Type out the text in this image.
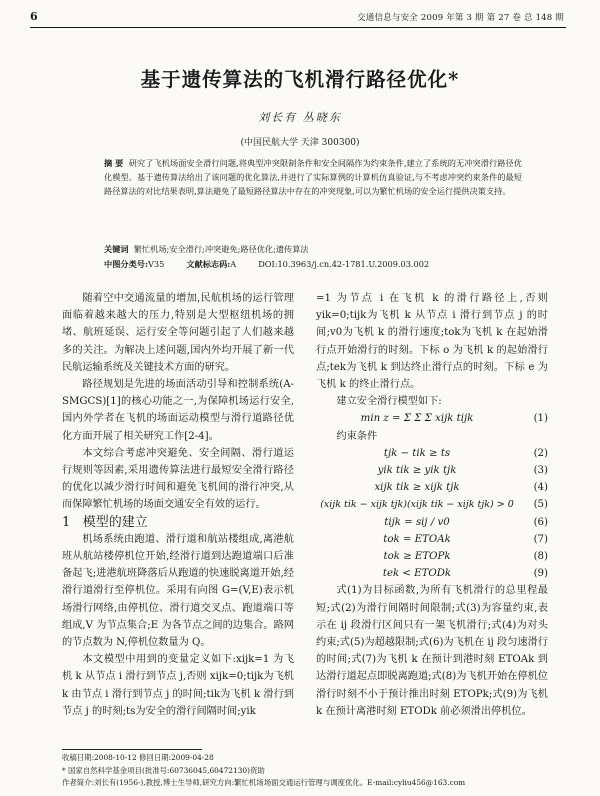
6	交通信息与安全 2009 年第 3 期 第 27 卷 总 148 期
基于遗传算法的飞机滑行路径优化*
刘长有 丛晓东
(中国民航大学 天津 300300)
摘 要 研究了飞机场面安全滑行问题,将典型冲突限制条件和安全间隔作为约束条件,建立了系统的无冲突滑行路径优化模型。基于遗传算法给出了该问题的优化算法,并进行了实际算例的计算机仿真验证,与不考虑冲突约束条件的最短路径算法的对比结果表明,算法避免了最短路径算法中存在的冲突现象,可以为繁忙机场的安全运行提供决策支持。
关键词 繁忙机场;安全滑行;冲突避免;路径优化;遗传算法
中图分类号:V35	文献标志码:A	DOI:10.3963/j.cn.42-1781.U.2009.03.002

随着空中交通流量的增加,民航机场的运行管理面临着越来越大的压力,特别是大型枢纽机场的拥堵、航班延误、运行安全等问题引起了人们越来越多的关注。为解决上述问题,国内外均开展了新一代民航运输系统及关键技术方面的研究。

路径规划是先进的场面活动引导和控制系统(A-SMGCS)[1]的核心功能之一,为保障机场运行安全,国内外学者在飞机的场面运动模型与滑行道路径优化方面开展了相关研究工作[2-4]。

本文综合考虑冲突避免、安全间隔、滑行道运行规则等因素,采用遗传算法进行最短安全滑行路径的优化以减少滑行时间和避免飞机间的滑行冲突,从而保障繁忙机场的场面交通安全有效的运行。

1 模型的建立

机场系统由跑道、滑行道和航站楼组成,离港航班从航站楼停机位开始,经滑行道到达跑道端口后准备起飞;进港航班降落后从跑道的快速脱离道开始,经滑行道滑行至停机位。采用有向图 G=(V,E)表示机场滑行网络,由停机位、滑行道交叉点、跑道端口等组成,V 为节点集合;E 为各节点之间的边集合。路网的节点数为 N,停机位数量为 Q。

本文模型中用到的变量定义如下:xijk=1 为飞机 k 从节点 i 滑行到节点 j,否则 xijk=0;tijk为飞机 k 由节点 i 滑行到节点 j 的时间;tik为飞机 k 滑行到节点 j 的时刻;ts为安全的滑行间隔时间;yik

=1 为节点 i 在飞机 k 的滑行路径上,否则 yik=0;tijk为飞机 k 从节点 i 滑行到节点 j 的时间;v0为飞机 k 的滑行速度;tok为飞机 k 在起始滑行点开始滑行的时刻。下标 o 为飞机 k 的起始滑行点;tek为飞机 k 到达终止滑行点的时刻。下标 e 为飞机 k 的终止滑行点。

建立安全滑行模型如下:

min z = Σ Σ Σ xijk tijk	(1)

约束条件

tjk − tik ≥ ts	(2)
yik tik ≥ yik tjk	(3)
xijk tik ≥ xijk tjk	(4)
(xijk tik − xijk tjk)(xijk tik − xijk tjk) > 0	(5)
tijk = sij / v0	(6)
tok = ETOAk	(7)
tok ≥ ETOPk	(8)
tek < ETODk	(9)

式(1)为目标函数,为所有飞机滑行的总里程最短;式(2)为滑行间隔时间限制;式(3)为容量约束,表示在 ij 段滑行区间只有一架飞机滑行;式(4)为对头约束;式(5)为超越限制;式(6)为飞机在 ij 段匀速滑行的时间;式(7)为飞机 k 在预计到港时刻 ETOAk 到达滑行道起点即脱离跑道;式(8)为飞机开始在停机位滑行时刻不小于预计推出时刻 ETOPk;式(9)为飞机 k 在预计离港时刻 ETODk 前必须滑出停机位。

收稿日期:2008-10-12 修回日期:2009-04-28
* 国家自然科学基金项目(批准号:60736045,60472130)资助
作者简介:刘长有(1956-),教授,博士生导师,研究方向:繁忙机场场面交通运行管理与调度优化。E-mail:cyliu456@163.com
